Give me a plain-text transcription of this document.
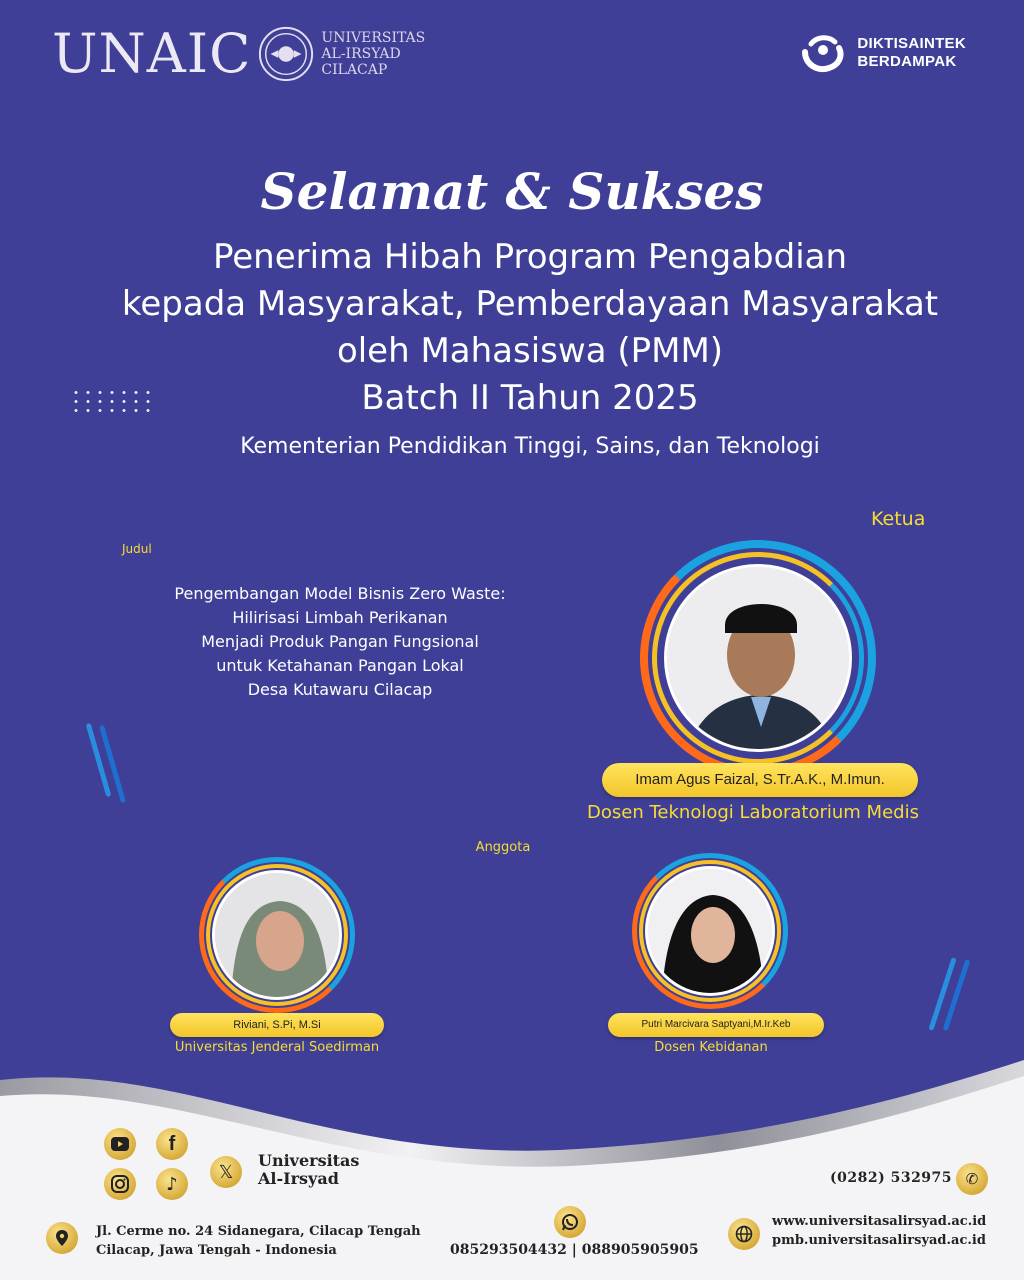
UNAIC	UNIVERSITAS
AL-IRSYAD
CILACAP
DIKTISAINTEK
BERDAMPAK
Selamat & Sukses
Penerima Hibah Program Pengabdian
kepada Masyarakat, Pemberdayaan Masyarakat
oleh Mahasiswa (PMM)
Batch II Tahun 2025
Kementerian Pendidikan Tinggi, Sains, dan Teknologi
Judul
Pengembangan Model Bisnis Zero Waste:
Hilirisasi Limbah Perikanan
Menjadi Produk Pangan Fungsional
untuk Ketahanan Pangan Lokal
Desa Kutawaru Cilacap
Ketua
Imam Agus Faizal, S.Tr.A.K., M.Imun.
Dosen Teknologi Laboratorium Medis
Anggota
Riviani, S.Pi, M.Si
Universitas Jenderal Soedirman
Putri Marcivara Saptyani,M.Ir.Keb
Dosen Kebidanan
f
♪
𝕏
Universitas
Al-Irsyad	(0282) 532975 ✆
Jl. Cerme no. 24 Sidanegara, Cilacap Tengah
Cilacap, Jawa Tengah - Indonesia	085293504432 | 088905905905
www.universitasalirsyad.ac.id
pmb.universitasalirsyad.ac.id
